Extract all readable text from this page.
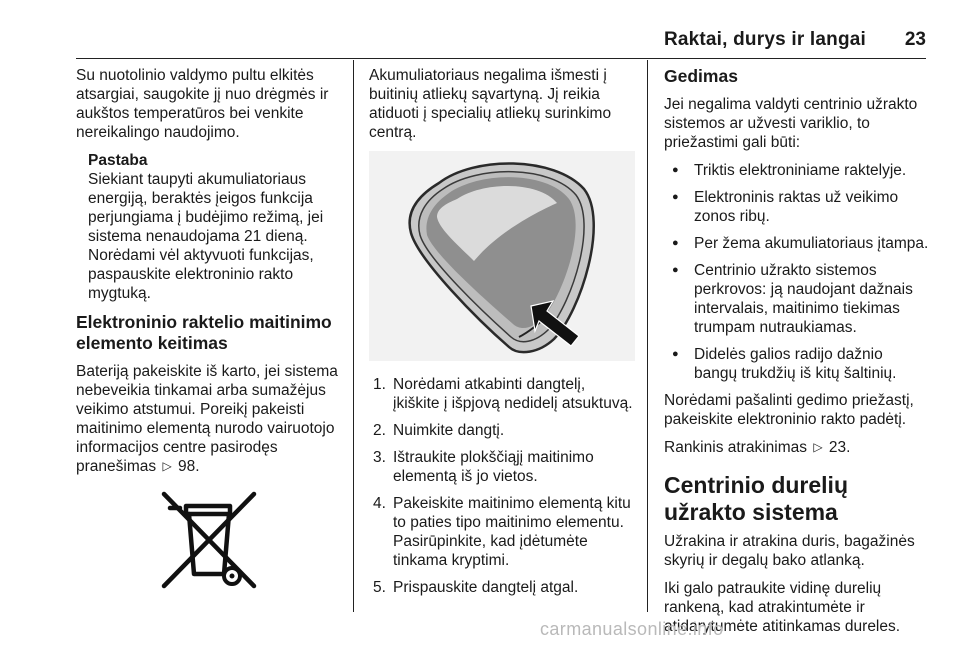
Raktai, durys ir langai 23

Su nuotolinio valdymo pultu elkitės atsargiai, saugokite jį nuo drėgmės ir aukštos temperatūros bei venkite nereikalingo naudojimo.

Pastaba
Siekiant taupyti akumuliatoriaus energiją, beraktės įeigos funkcija perjungiama į budėjimo režimą, jei sistema nenaudojama 21 dieną. Norėdami vėl aktyvuoti funkcijas, paspauskite elektroninio rakto mygtuką.
Elektroninio raktelio maitinimo elemento keitimas

Bateriją pakeiskite iš karto, jei sistema nebeveikia tinkamai arba sumažėjus veikimo atstumui. Poreikį pakeisti maitinimo elementą nurodo vairuotojo informacijos centre pasirodęs pranešimas ▷ 98.

Akumuliatoriaus negalima išmesti į buitinių atliekų sąvartyną. Jį reikia atiduoti į specialių atliekų surinkimo centrą.

1. Norėdami atkabinti dangtelį, įkiškite į išpjovą nedidelį atsuktuvą.
2. Nuimkite dangtį.
3. Ištraukite plokščiąjį maitinimo elementą iš jo vietos.
4. Pakeiskite maitinimo elementą kitu to paties tipo maitinimo elementu. Pasirūpinkite, kad įdėtumėte tinkama kryptimi.
5. Prispauskite dangtelį atgal.
Gedimas

Jei negalima valdyti centrinio užrakto sistemos ar užvesti variklio, to priežastimi gali būti:

● Triktis elektroniniame raktelyje.
● Elektroninis raktas už veikimo zonos ribų.
● Per žema akumuliatoriaus įtampa.
● Centrinio užrakto sistemos perkrovos: ją naudojant dažnais intervalais, maitinimo tiekimas trumpam nutraukiamas.
● Didelės galios radijo dažnio bangų trukdžių iš kitų šaltinių.

Norėdami pašalinti gedimo priežastį, pakeiskite elektroninio rakto padėtį.

Rankinis atrakinimas ▷ 23.

Centrinio durelių užrakto sistema

Užrakina ir atrakina duris, bagažinės skyrių ir degalų bako atlanką.

Iki galo patraukite vidinę durelių rankeną, kad atrakintumėte ir atidarytumėte atitinkamas dureles.

carmanualsonline.info
